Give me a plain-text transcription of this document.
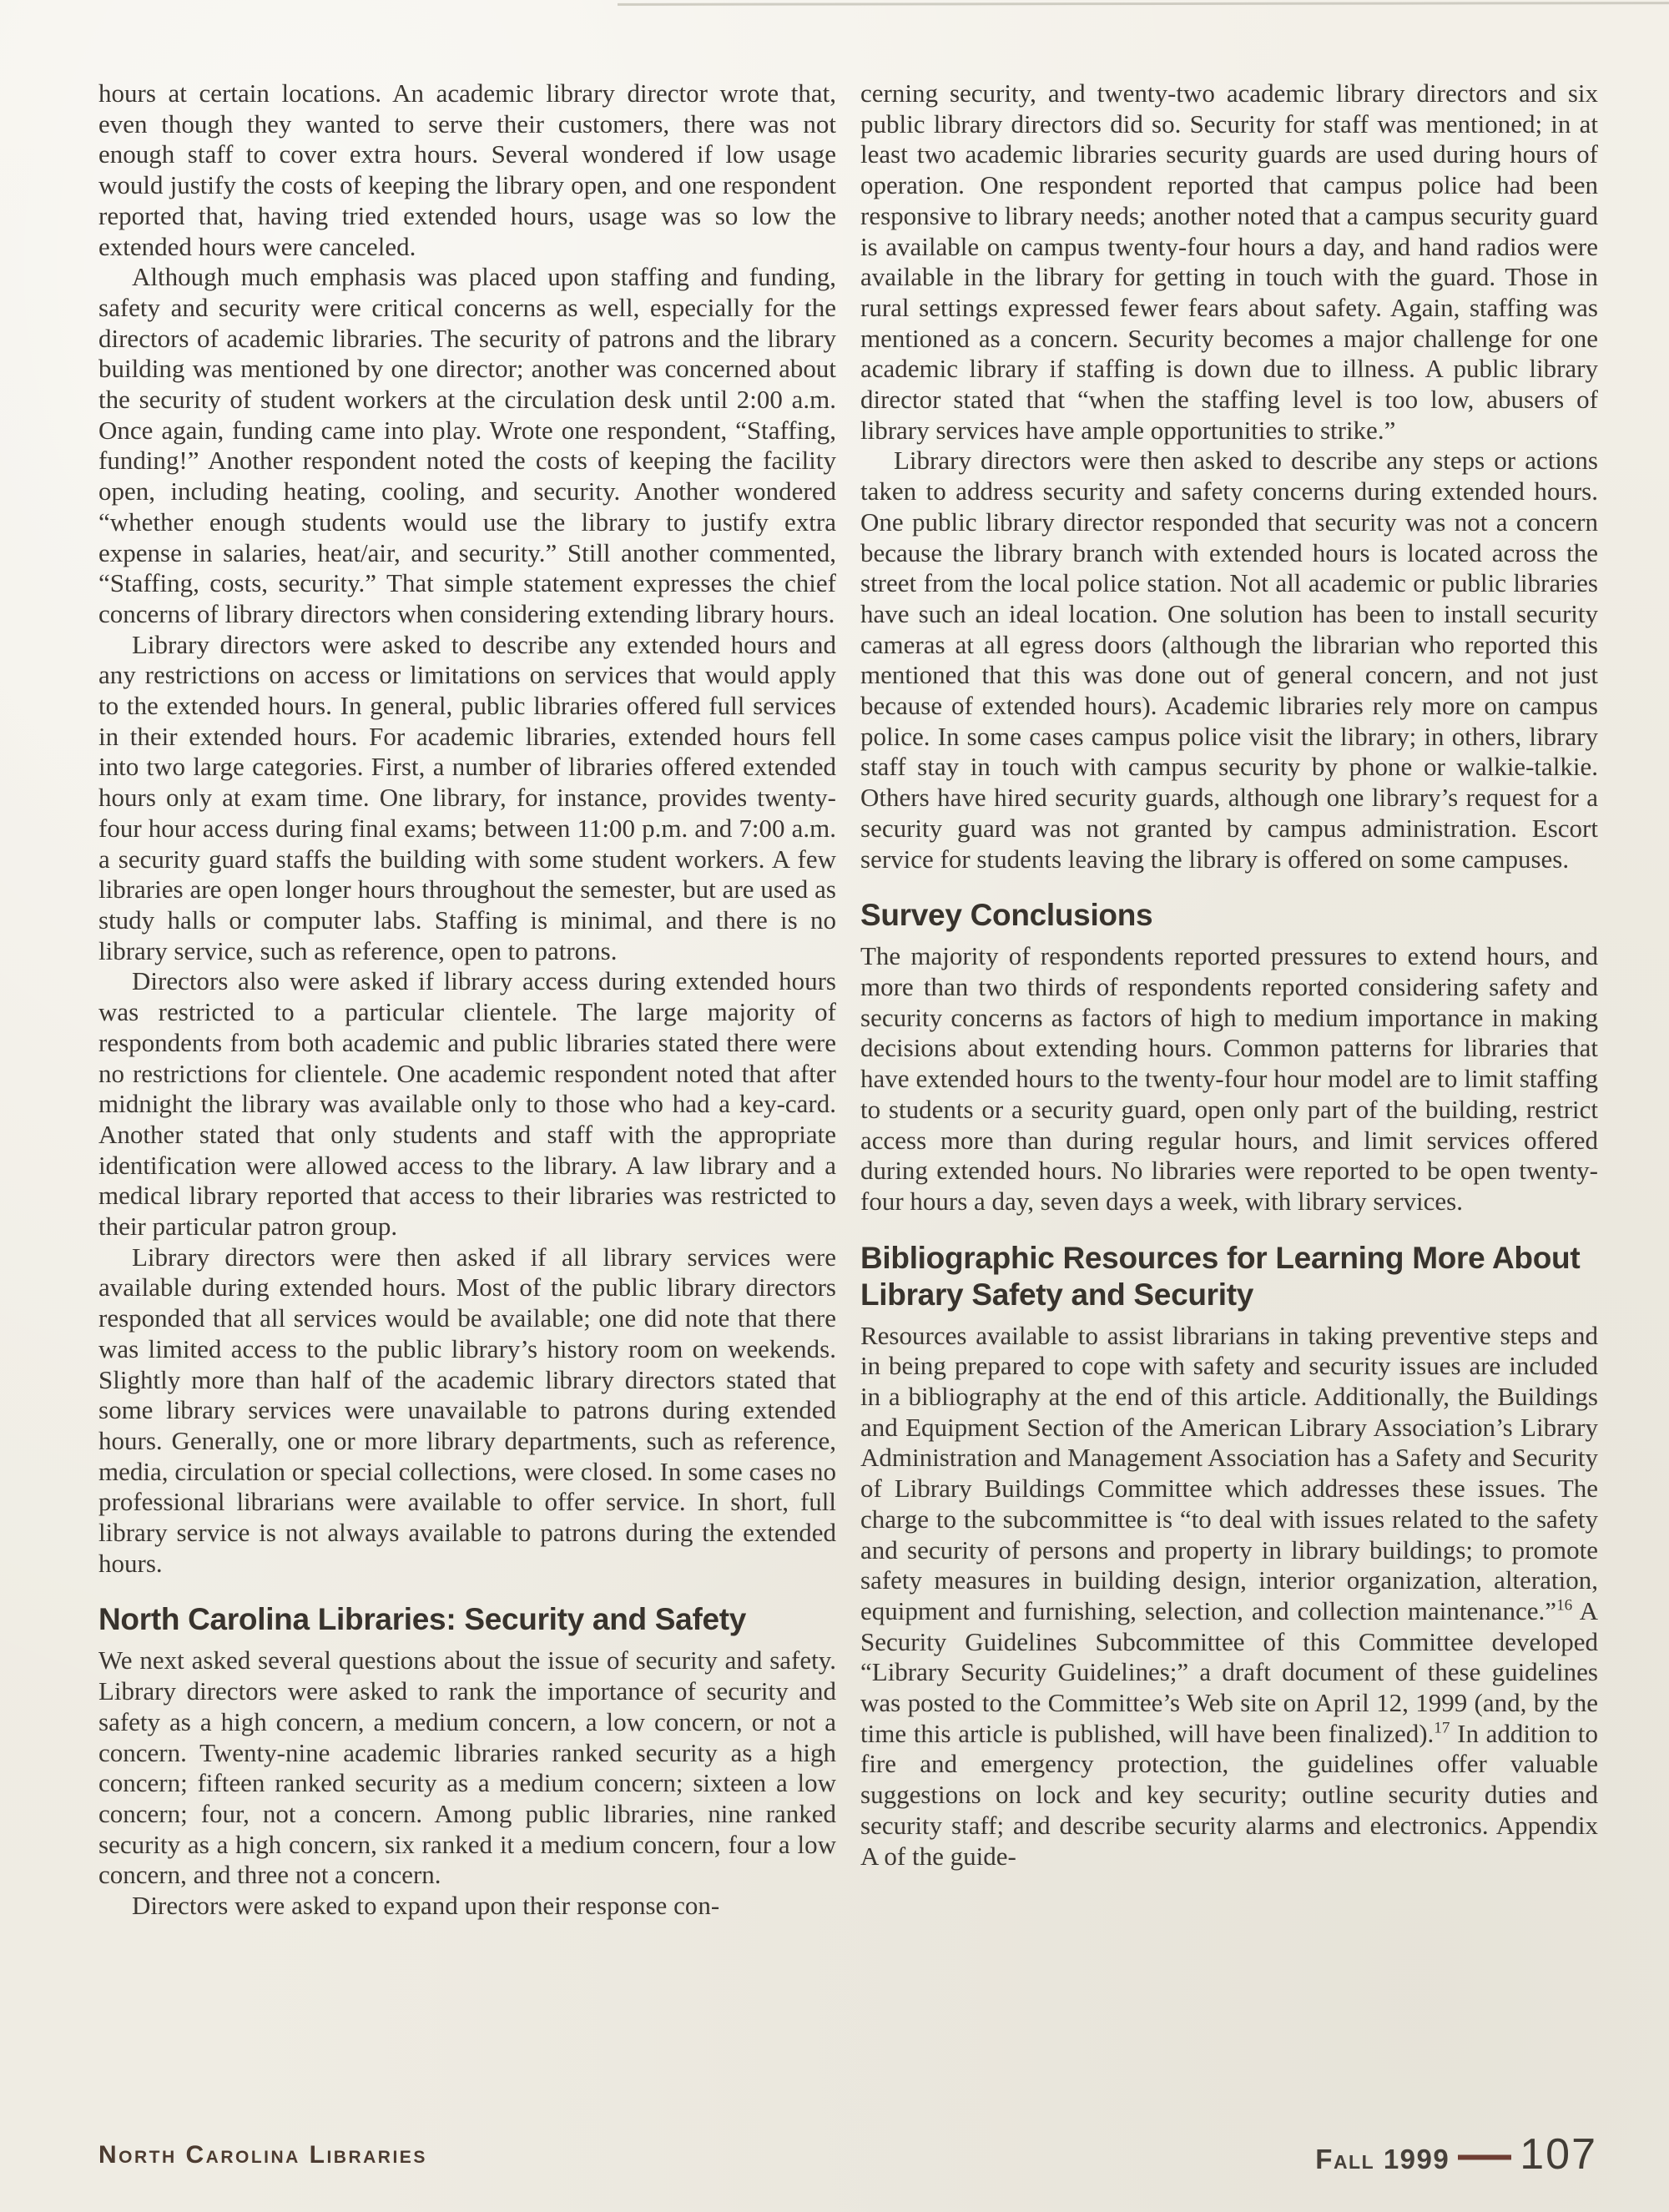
hours at certain locations. An academic library director wrote that, even though they wanted to serve their customers, there was not enough staff to cover extra hours. Several wondered if low usage would justify the costs of keeping the library open, and one respondent reported that, having tried extended hours, usage was so low the extended hours were canceled.

Although much emphasis was placed upon staffing and funding, safety and security were critical concerns as well, especially for the directors of academic libraries. The security of patrons and the library building was mentioned by one director; another was concerned about the security of student workers at the circulation desk until 2:00 a.m. Once again, funding came into play. Wrote one respondent, “Staffing, funding!” Another respondent noted the costs of keeping the facility open, including heating, cooling, and security. Another wondered “whether enough students would use the library to justify extra expense in salaries, heat/air, and security.” Still another commented, “Staffing, costs, security.” That simple statement expresses the chief concerns of library directors when considering extending library hours.

Library directors were asked to describe any extended hours and any restrictions on access or limitations on services that would apply to the extended hours. In general, public libraries offered full services in their extended hours. For academic libraries, extended hours fell into two large categories. First, a number of libraries offered extended hours only at exam time. One library, for instance, provides twenty-four hour access during final exams; between 11:00 p.m. and 7:00 a.m. a security guard staffs the building with some student workers. A few libraries are open longer hours throughout the semester, but are used as study halls or computer labs. Staffing is minimal, and there is no library service, such as reference, open to patrons.

Directors also were asked if library access during extended hours was restricted to a particular clientele. The large majority of respondents from both academic and public libraries stated there were no restrictions for clientele. One academic respondent noted that after midnight the library was available only to those who had a key-card. Another stated that only students and staff with the appropriate identification were allowed access to the library. A law library and a medical library reported that access to their libraries was restricted to their particular patron group.

Library directors were then asked if all library services were available during extended hours. Most of the public library directors responded that all services would be available; one did note that there was limited access to the public library’s history room on weekends. Slightly more than half of the academic library directors stated that some library services were unavailable to patrons during extended hours. Generally, one or more library departments, such as reference, media, circulation or special collections, were closed. In some cases no professional librarians were available to offer service. In short, full library service is not always available to patrons during the extended hours.

North Carolina Libraries: Security and Safety

We next asked several questions about the issue of security and safety. Library directors were asked to rank the importance of security and safety as a high concern, a medium concern, a low concern, or not a concern. Twenty-nine academic libraries ranked security as a high concern; fifteen ranked security as a medium concern; sixteen a low concern; four, not a concern. Among public libraries, nine ranked security as a high concern, six ranked it a medium concern, four a low concern, and three not a concern.

Directors were asked to expand upon their response con-

cerning security, and twenty-two academic library directors and six public library directors did so. Security for staff was mentioned; in at least two academic libraries security guards are used during hours of operation. One respondent reported that campus police had been responsive to library needs; another noted that a campus security guard is available on campus twenty-four hours a day, and hand radios were available in the library for getting in touch with the guard. Those in rural settings expressed fewer fears about safety. Again, staffing was mentioned as a concern. Security becomes a major challenge for one academic library if staffing is down due to illness. A public library director stated that “when the staffing level is too low, abusers of library services have ample opportunities to strike.”

Library directors were then asked to describe any steps or actions taken to address security and safety concerns during extended hours. One public library director responded that security was not a concern because the library branch with extended hours is located across the street from the local police station. Not all academic or public libraries have such an ideal location. One solution has been to install security cameras at all egress doors (although the librarian who reported this mentioned that this was done out of general concern, and not just because of extended hours). Academic libraries rely more on campus police. In some cases campus police visit the library; in others, library staff stay in touch with campus security by phone or walkie-talkie. Others have hired security guards, although one library’s request for a security guard was not granted by campus administration. Escort service for students leaving the library is offered on some campuses.

Survey Conclusions

The majority of respondents reported pressures to extend hours, and more than two thirds of respondents reported considering safety and security concerns as factors of high to medium importance in making decisions about extending hours. Common patterns for libraries that have extended hours to the twenty-four hour model are to limit staffing to students or a security guard, open only part of the building, restrict access more than during regular hours, and limit services offered during extended hours. No libraries were reported to be open twenty-four hours a day, seven days a week, with library services.

Bibliographic Resources for Learning More About Library Safety and Security

Resources available to assist librarians in taking preventive steps and in being prepared to cope with safety and security issues are included in a bibliography at the end of this article. Additionally, the Buildings and Equipment Section of the American Library Association’s Library Administration and Management Association has a Safety and Security of Library Buildings Committee which addresses these issues. The charge to the subcommittee is “to deal with issues related to the safety and security of persons and property in library buildings; to promote safety measures in building design, interior organization, alteration, equipment and furnishing, selection, and collection maintenance.”$^{16}$ A Security Guidelines Subcommittee of this Committee developed “Library Security Guidelines;” a draft document of these guidelines was posted to the Committee’s Web site on April 12, 1999 (and, by the time this article is published, will have been finalized).$^{17}$ In addition to fire and emergency protection, the guidelines offer valuable suggestions on lock and key security; outline security duties and security staff; and describe security alarms and electronics. Appendix A of the guide-

North Carolina Libraries	Fall 1999 — 107
